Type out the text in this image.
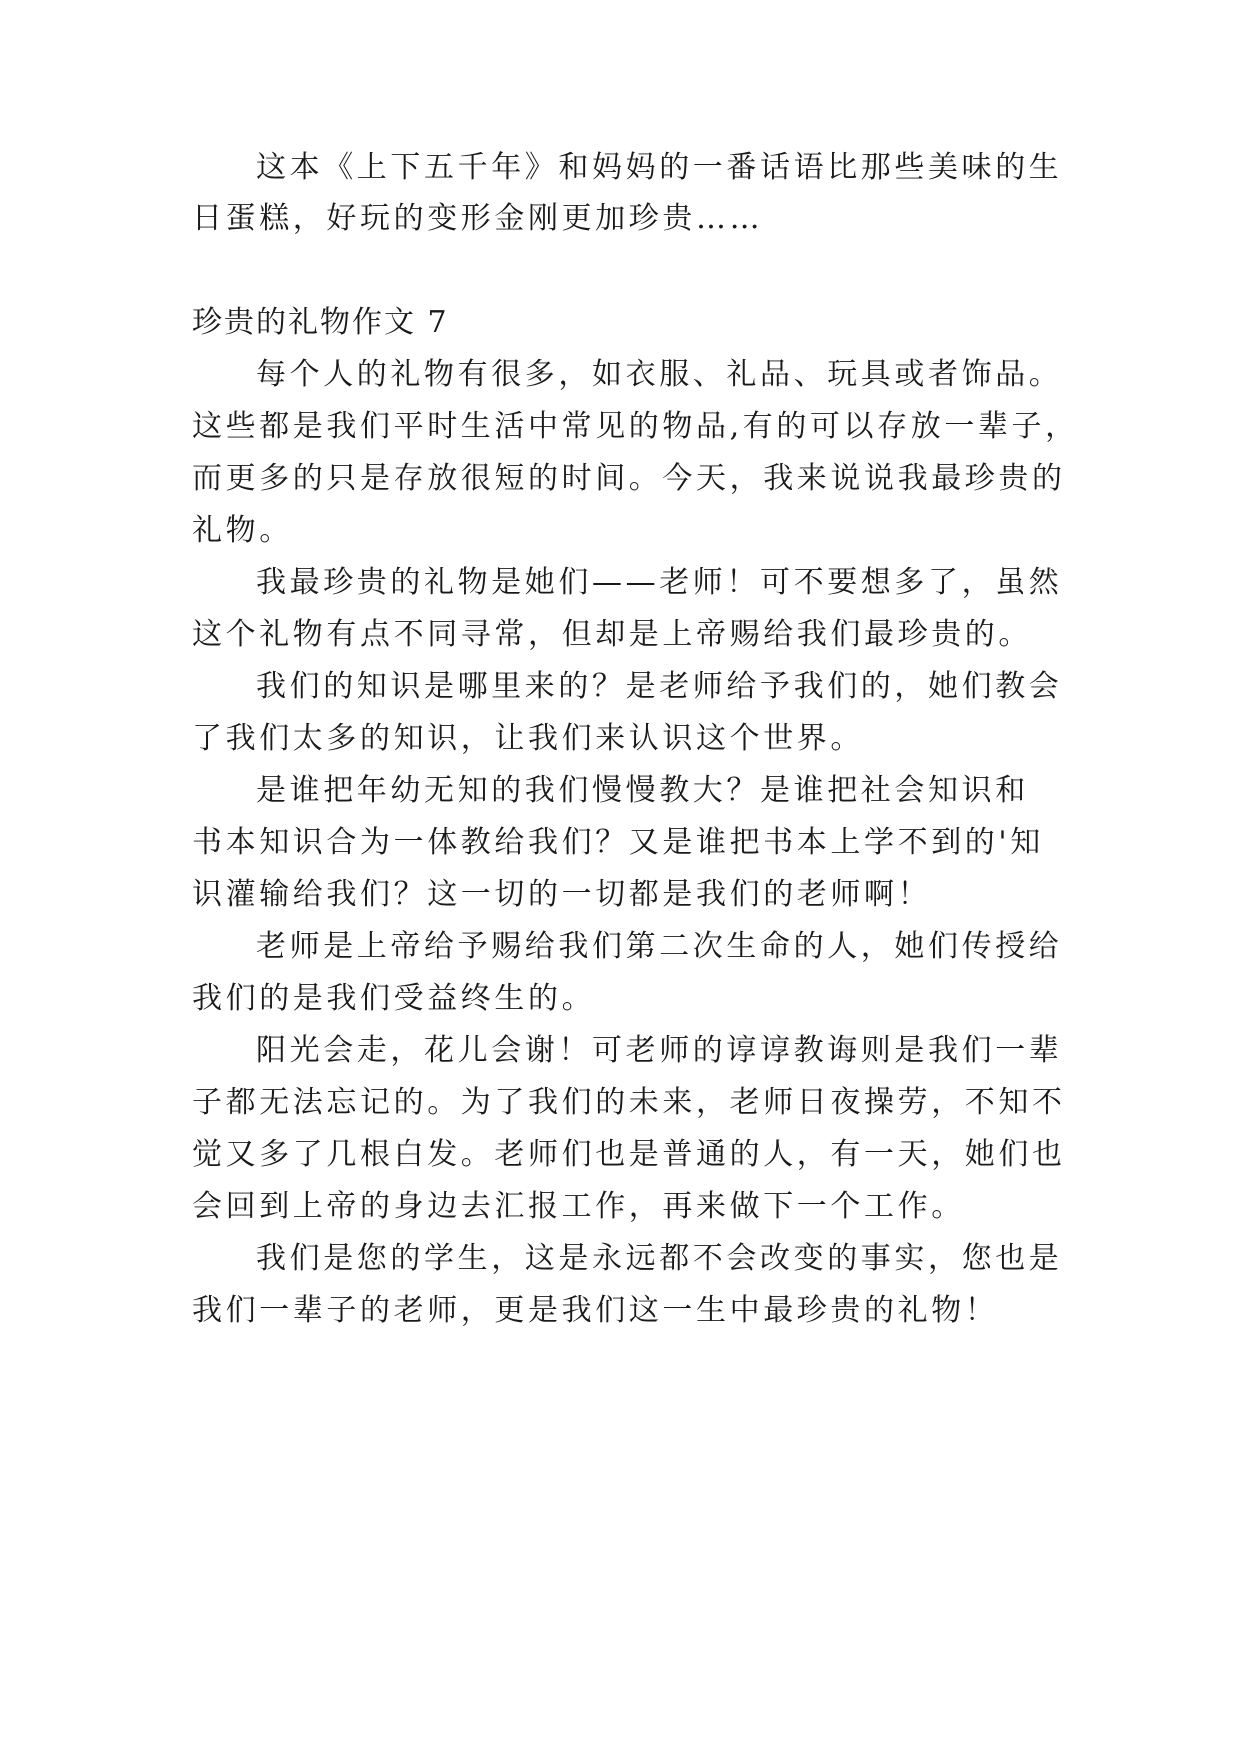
这本《上下五千年》和妈妈的一番话语比那些美味的生
日蛋糕，好玩的变形金刚更加珍贵……
珍贵的礼物作文 7
每个人的礼物有很多，如衣服、礼品、玩具或者饰品。
这些都是我们平时生活中常见的物品,有的可以存放一辈子，
而更多的只是存放很短的时间。今天，我来说说我最珍贵的
礼物。
我最珍贵的礼物是她们——老师！可不要想多了，虽然
这个礼物有点不同寻常，但却是上帝赐给我们最珍贵的。
我们的知识是哪里来的？是老师给予我们的，她们教会
了我们太多的知识，让我们来认识这个世界。
是谁把年幼无知的我们慢慢教大？是谁把社会知识和
书本知识合为一体教给我们？又是谁把书本上学不到的'知
识灌输给我们？这一切的一切都是我们的老师啊！
老师是上帝给予赐给我们第二次生命的人，她们传授给
我们的是我们受益终生的。
阳光会走，花儿会谢！可老师的谆谆教诲则是我们一辈
子都无法忘记的。为了我们的未来，老师日夜操劳，不知不
觉又多了几根白发。老师们也是普通的人，有一天，她们也
会回到上帝的身边去汇报工作，再来做下一个工作。
我们是您的学生，这是永远都不会改变的事实，您也是
我们一辈子的老师，更是我们这一生中最珍贵的礼物！
